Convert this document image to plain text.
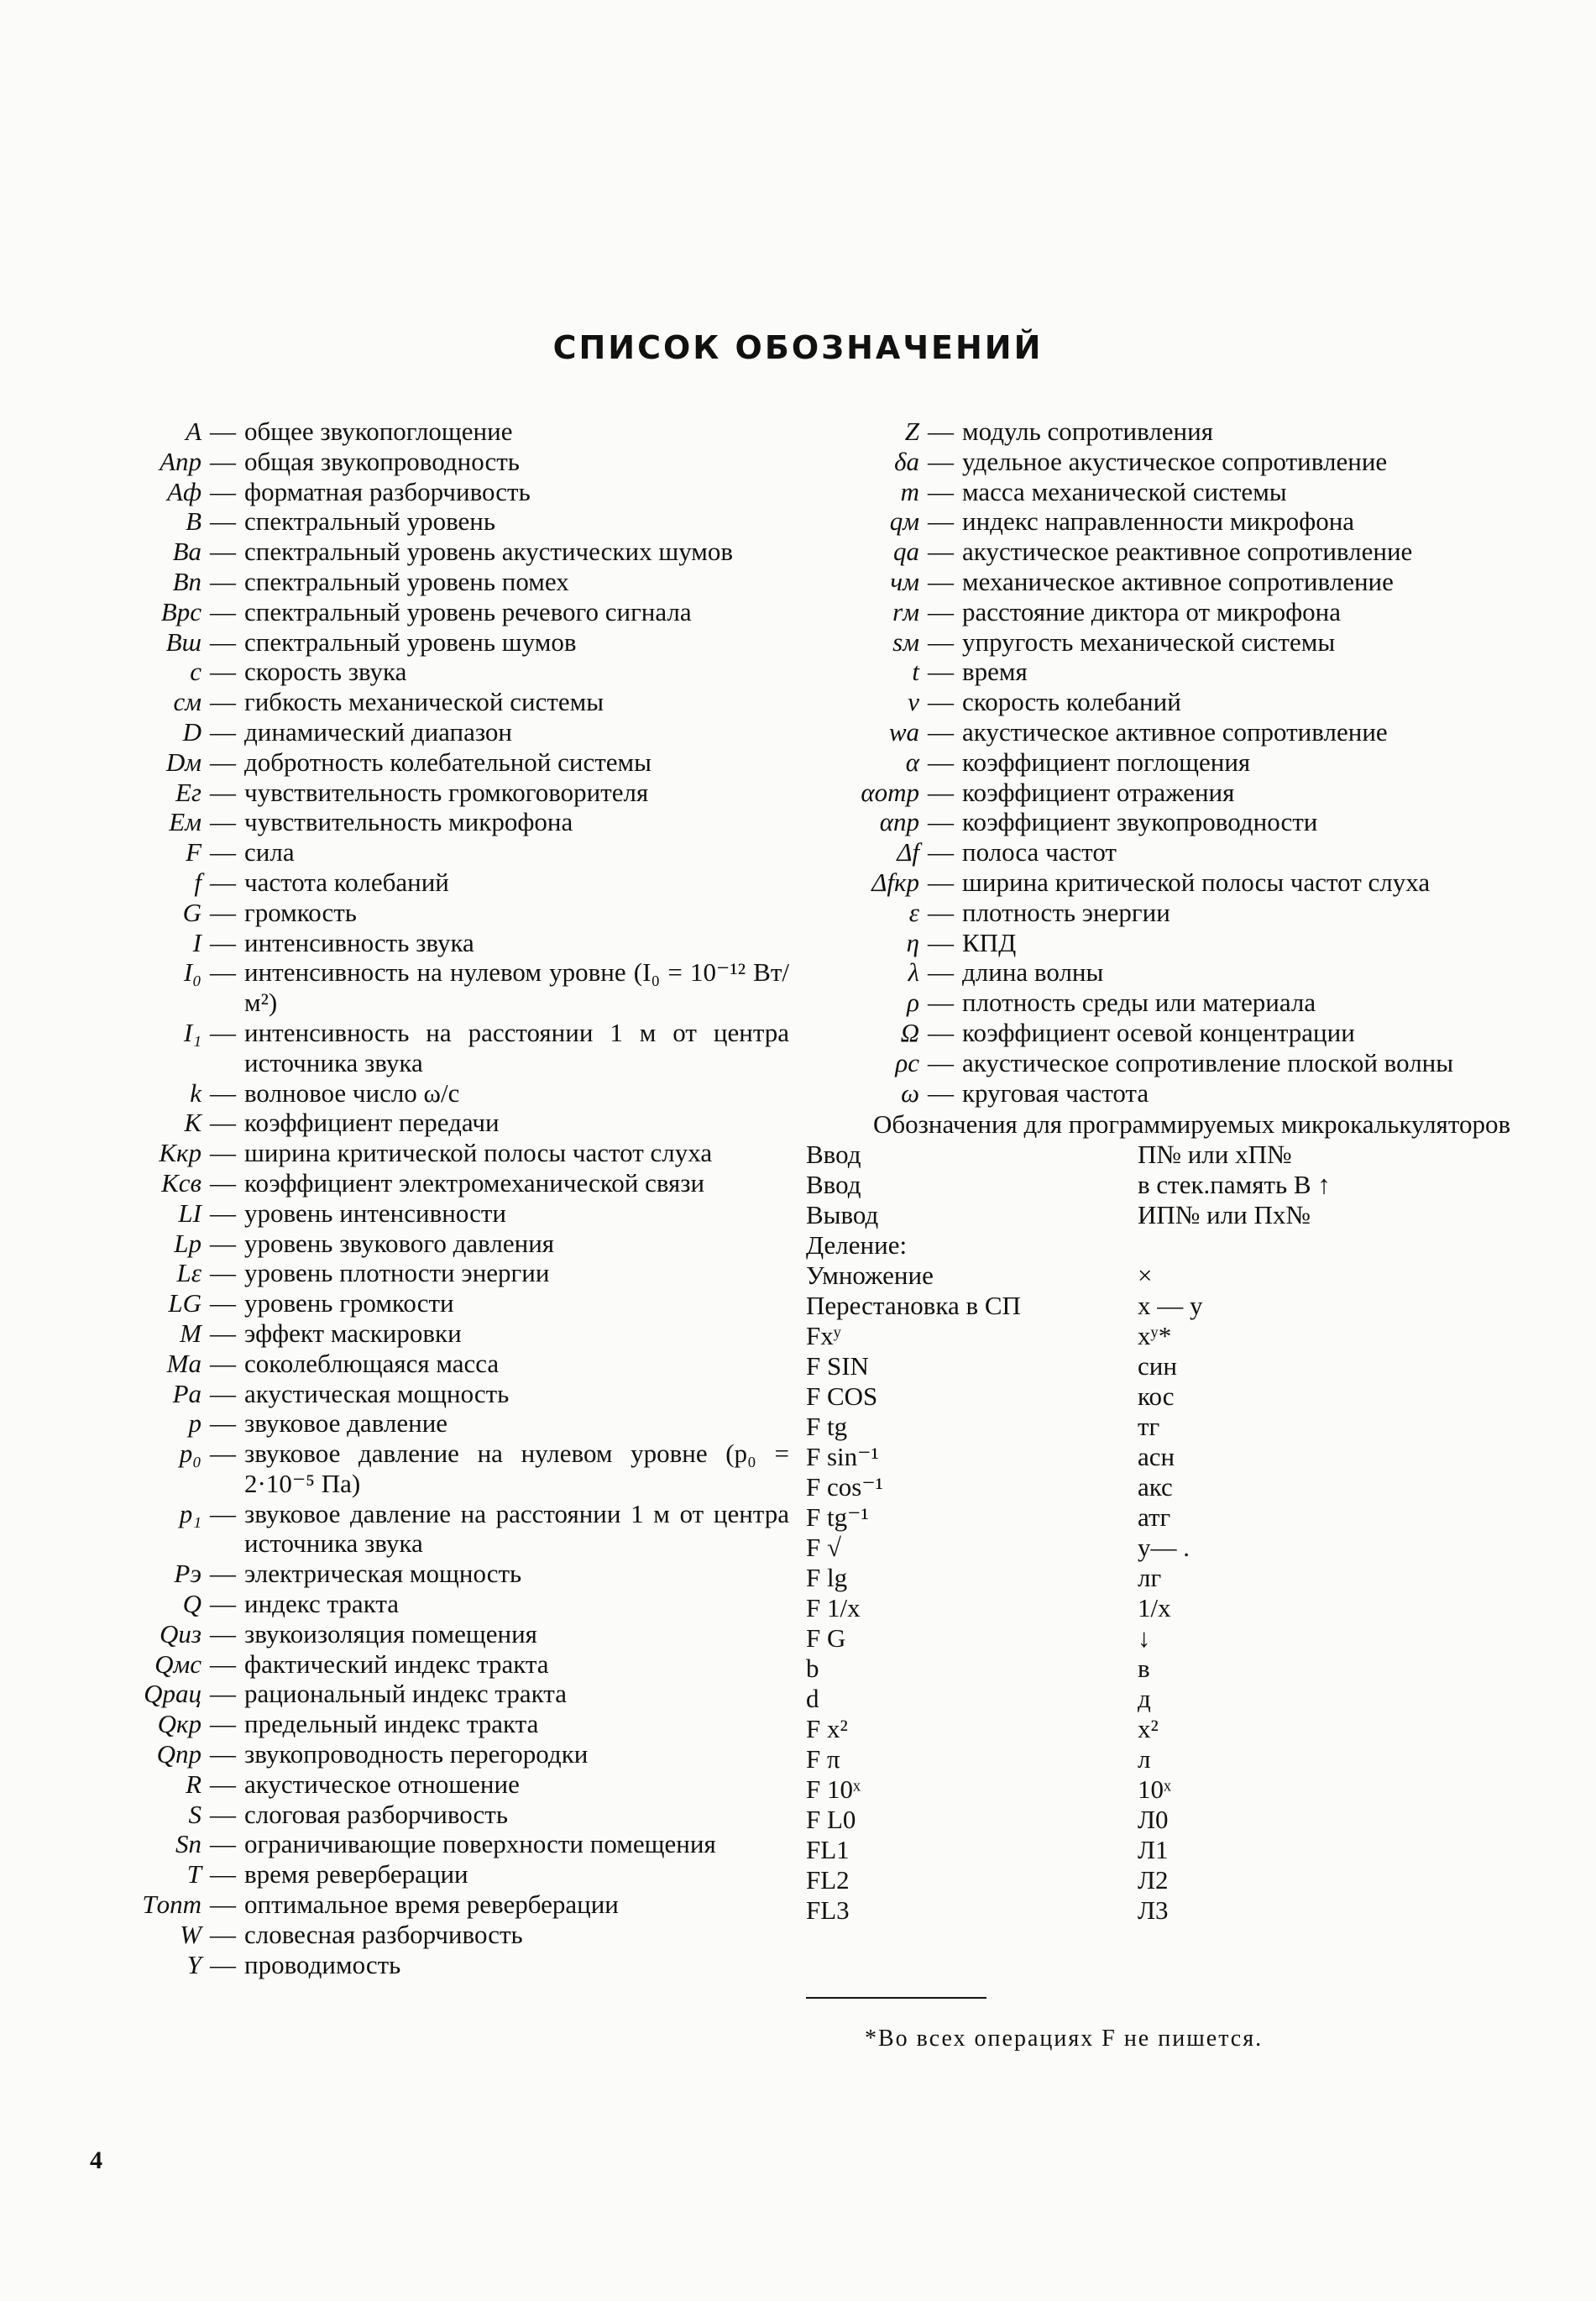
СПИСОК ОБОЗНАЧЕНИЙ
A — общее звукопоглощение
Aпр — общая звукопроводность
Aф — форматная разборчивость
B — спектральный уровень
Bа — спектральный уровень акустических шумов
Bп — спектральный уровень помех
Bрс — спектральный уровень речевого сигнала
Bш — спектральный уровень шумов
c — скорость звука
cм — гибкость механической системы
D — динамический диапазон
Dм — добротность колебательной системы
Eг — чувствительность громкоговорителя
Eм — чувствительность микрофона
F — сила
f — частота колебаний
G — громкость
I — интенсивность звука
I₀ — интенсивность на нулевом уровне (I₀ = 10⁻¹² Вт/м²)
I₁ — интенсивность на расстоянии 1 м от центра источника звука
k — волновое число ω/c
K — коэффициент передачи
Kкр — ширина критической полосы частот слуха
Kсв — коэффициент электромеханической связи
LI — уровень интенсивности
Lp — уровень звукового давления
Lε — уровень плотности энергии
LG — уровень громкости
M — эффект маскировки
Mа — соколеблющаяся масса
Pа — акустическая мощность
p — звуковое давление
p₀ — звуковое давление на нулевом уровне (p₀ = 2·10⁻⁵ Па)
p₁ — звуковое давление на расстоянии 1 м от центра источника звука
Pэ — электрическая мощность
Q — индекс тракта
Qиз — звукоизоляция помещения
Qмс — фактический индекс тракта
Qрац — рациональный индекс тракта
Qкр — предельный индекс тракта
Qпр — звукопроводность перегородки
R — акустическое отношение
S — слоговая разборчивость
Sп — ограничивающие поверхности помещения
T — время реверберации
Tопт — оптимальное время реверберации
W — словесная разборчивость
Y — проводимость
Z — модуль сопротивления
δа — удельное акустическое сопротивление
m — масса механической системы
qм — индекс направленности микрофона
qа — акустическое реактивное сопротивление
чм — механическое активное сопротивление
rм — расстояние диктора от микрофона
sм — упругость механической системы
t — время
v — скорость колебаний
wа — акустическое активное сопротивление
α — коэффициент поглощения
αотр — коэффициент отражения
αпр — коэффициент звукопроводности
Δf — полоса частот
Δfкр — ширина критической полосы частот слуха
ε — плотность энергии
η — КПД
λ — длина волны
ρ — плотность среды или материала
Ω — коэффициент осевой концентрации
ρc — акустическое сопротивление плоской волны
ω — круговая частота
Обозначения для программируемых микрокалькуляторов
Ввод	П№ или хП№
Ввод	в стек.память В ↑
Вывод	ИП№ или Пх№
Деление:
Умножение	×
Перестановка в СП	х — у
Fxʸ	хʸ*
F SIN	син
F COS	кос
F tg	тг
F sin⁻¹	асн
F cos⁻¹	акс
F tg⁻¹	атг
F √	у— .
F lg	лг
F 1/x	1/х
F G	↓
b	в
d	д
F x²	х²
F π	л
F 10ˣ	10ˣ
F L0	Л0
FL1	Л1
FL2	Л2
FL3	Л3
*Во всех операциях F не пишется.
4
